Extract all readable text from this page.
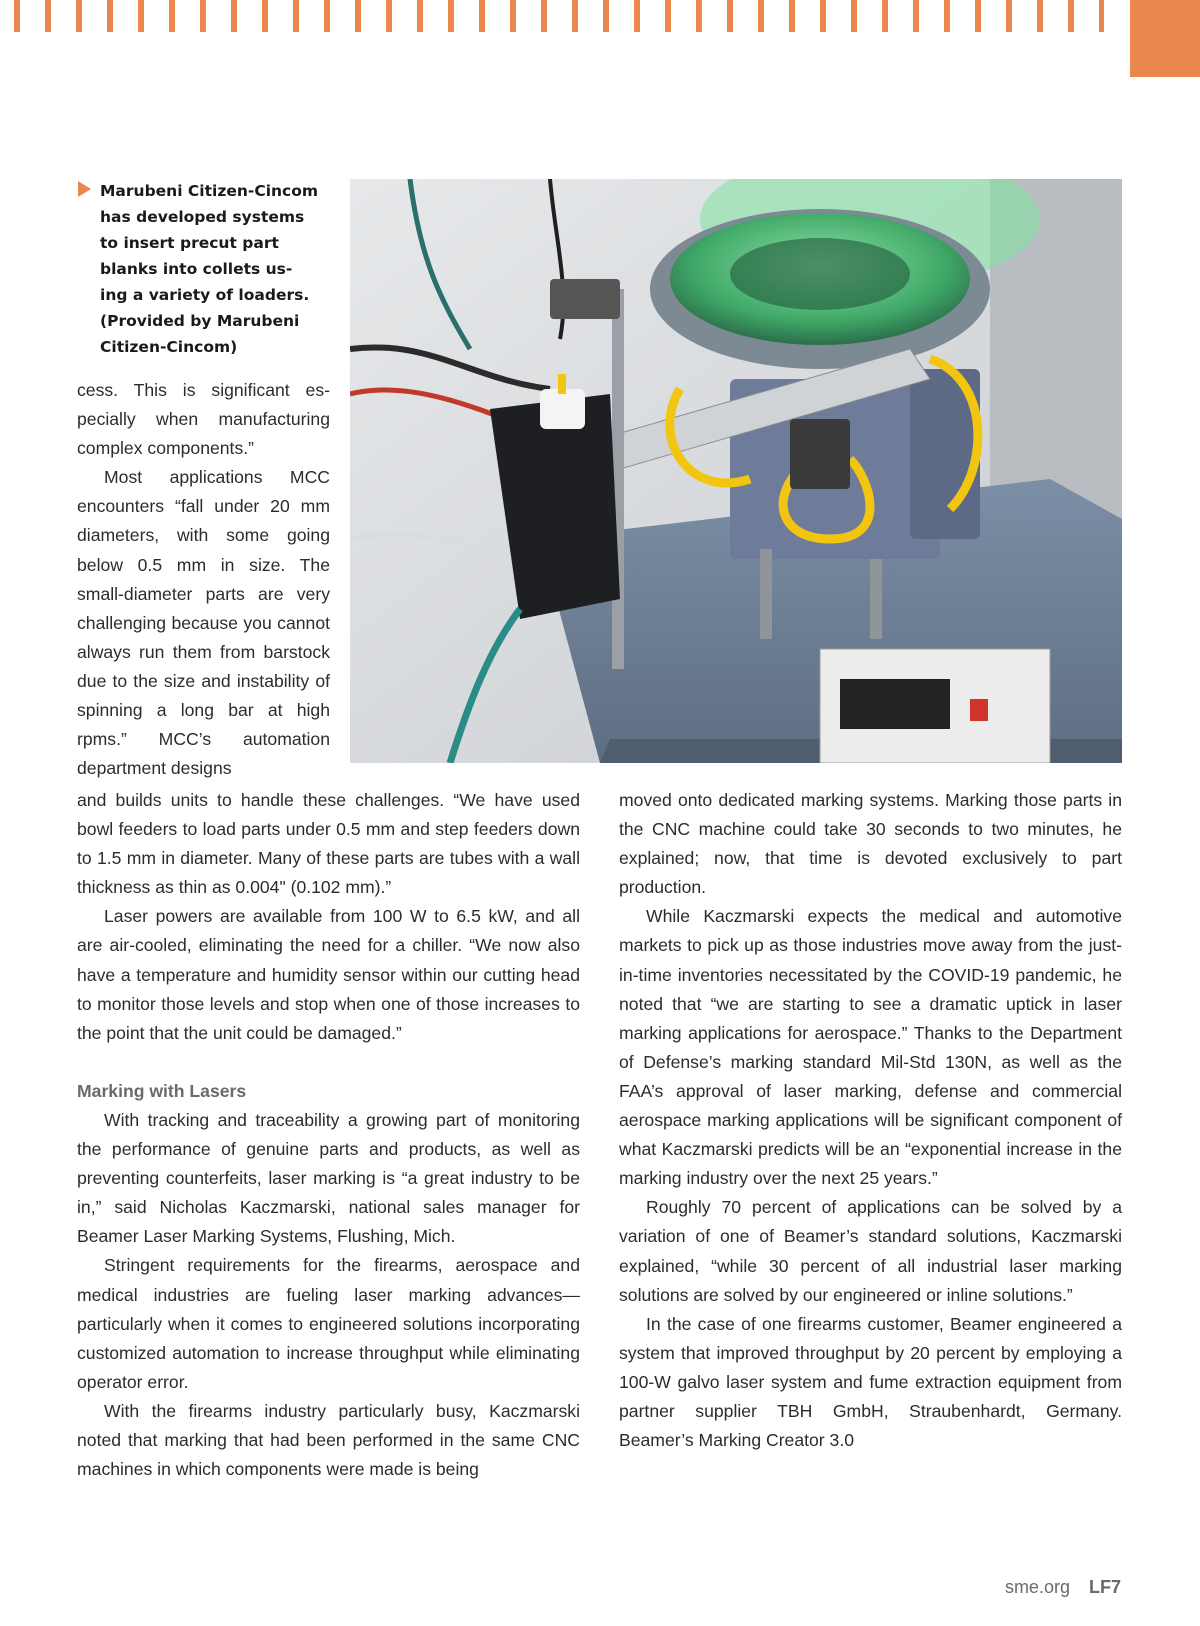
Marubeni Citizen-Cincom
has developed systems
to insert precut part
blanks into collets us-
ing a variety of loaders.
(Provided by Marubeni
Citizen-Cincom)

cess. This is significant especially when manufacturing complex components.”

Most applications MCC encounters “fall under 20 mm diameters, with some going below 0.5 mm in size. The small-diameter parts are very challenging because you cannot always run them from barstock due to the size and instability of spinning a long bar at high rpms.” MCC’s automation department designs

and builds units to handle these challenges. “We have used bowl feeders to load parts under 0.5 mm and step feeders down to 1.5 mm in diameter. Many of these parts are tubes with a wall thickness as thin as 0.004" (0.102 mm).”

Laser powers are available from 100 W to 6.5 kW, and all are air-cooled, eliminating the need for a chiller. “We now also have a temperature and humidity sensor within our cutting head to monitor those levels and stop when one of those increases to the point that the unit could be damaged.”

Marking with Lasers

With tracking and traceability a growing part of monitoring the performance of genuine parts and products, as well as preventing counterfeits, laser marking is “a great industry to be in,” said Nicholas Kaczmarski, national sales manager for Beamer Laser Marking Systems, Flushing, Mich.

Stringent requirements for the firearms, aerospace and medical industries are fueling laser marking advances— particularly when it comes to engineered solutions incorporating customized automation to increase throughput while eliminating operator error.

With the firearms industry particularly busy, Kaczmarski noted that marking that had been performed in the same CNC machines in which components were made is being

moved onto dedicated marking systems. Marking those parts in the CNC machine could take 30 seconds to two minutes, he explained; now, that time is devoted exclusively to part production.

While Kaczmarski expects the medical and automotive markets to pick up as those industries move away from the just-in-time inventories necessitated by the COVID-19 pandemic, he noted that “we are starting to see a dramatic uptick in laser marking applications for aerospace.” Thanks to the Department of Defense’s marking standard Mil-Std 130N, as well as the FAA’s approval of laser marking, defense and commercial aerospace marking applications will be significant component of what Kaczmarski predicts will be an “exponential increase in the marking industry over the next 25 years.”

Roughly 70 percent of applications can be solved by a variation of one of Beamer’s standard solutions, Kaczmarski explained, “while 30 percent of all industrial laser marking solutions are solved by our engineered or inline solutions.”

In the case of one firearms customer, Beamer engineered a system that improved throughput by 20 percent by employing a 100-W galvo laser system and fume extraction equipment from partner supplier TBH GmbH, Straubenhardt, Germany. Beamer’s Marking Creator 3.0

sme.org LF7
